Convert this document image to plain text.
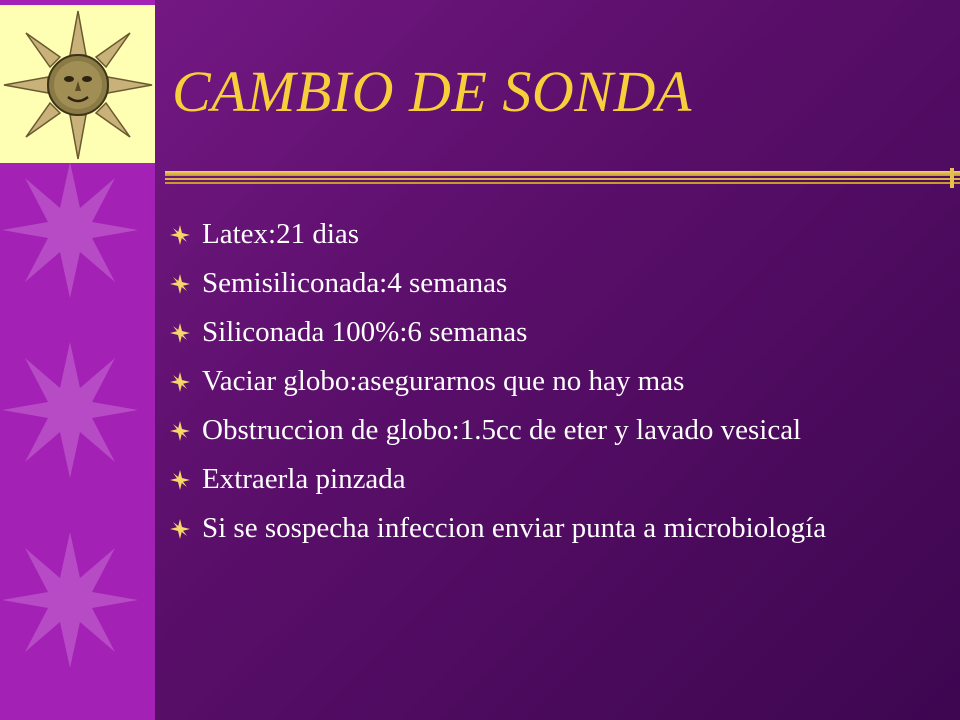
CAMBIO DE SONDA
Latex:21 dias
Semisiliconada:4 semanas
Siliconada 100%:6 semanas
Vaciar globo:asegurarnos que no hay mas
Obstruccion de globo:1.5cc de eter y lavado vesical
Extraerla pinzada
Si se sospecha infeccion enviar punta a microbiología
